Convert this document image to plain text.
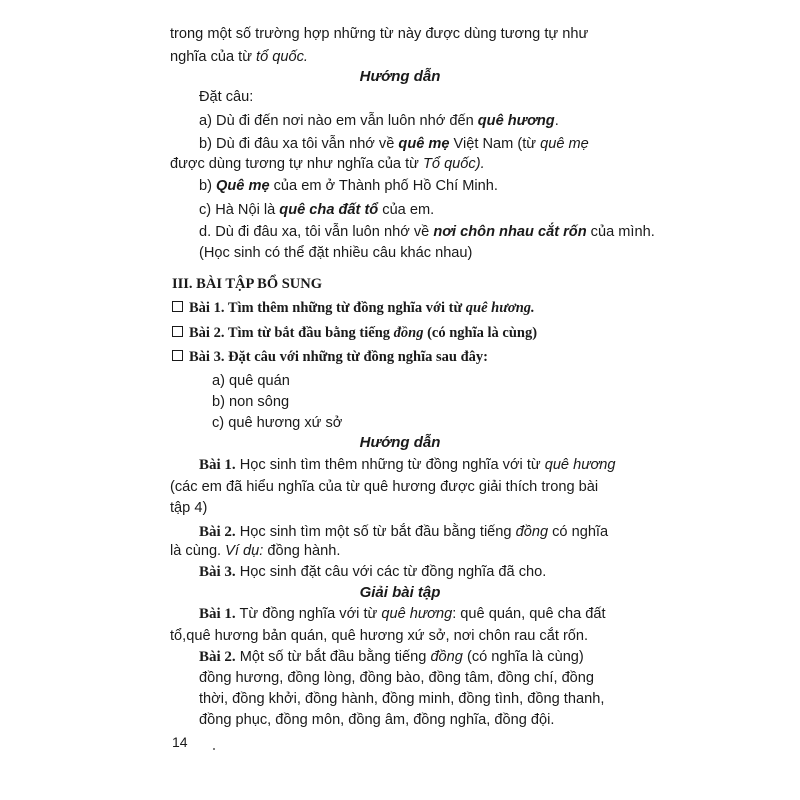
trong một số trường hợp những từ này được dùng tương tự như
nghĩa của từ tổ quốc.
Hướng dẫn
Đặt câu:
a) Dù đi đến nơi nào em vẫn luôn nhớ đến quê hương.
b) Dù đi đâu xa tôi vẫn nhớ về quê mẹ Việt Nam (từ quê mẹ
được dùng tương tự như nghĩa của từ Tổ quốc).
b) Quê mẹ của em ở Thành phố Hồ Chí Minh.
c) Hà Nội là quê cha đất tổ của em.
d. Dù đi đâu xa, tôi vẫn luôn nhớ về nơi chôn nhau cắt rốn của mình.
(Học sinh có thể đặt nhiều câu khác nhau)
III. BÀI TẬP BỔ SUNG
Bài 1. Tìm thêm những từ đồng nghĩa với từ quê hương.
Bài 2. Tìm từ bắt đầu bằng tiếng đồng (có nghĩa là cùng)
Bài 3. Đặt câu với những từ đồng nghĩa sau đây:
a) quê quán
b) non sông
c) quê hương xứ sở
Hướng dẫn
Bài 1. Học sinh tìm thêm những từ đồng nghĩa với từ quê hương
(các em đã hiểu nghĩa của từ quê hương được giải thích trong bài
tập 4)
Bài 2. Học sinh tìm một số từ bắt đầu bằng tiếng đồng có nghĩa
là cùng. Ví dụ: đồng hành.
Bài 3. Học sinh đặt câu với các từ đồng nghĩa đã cho.
Giải bài tập
Bài 1. Từ đồng nghĩa với từ quê hương: quê quán, quê cha đất
tổ,quê hương bản quán, quê hương xứ sở, nơi chôn rau cắt rốn.
Bài 2. Một số từ bắt đầu bằng tiếng đồng (có nghĩa là cùng)
đồng hương, đồng lòng, đồng bào, đồng tâm, đồng chí, đồng
thời, đồng khởi, đồng hành, đồng minh, đồng tình, đồng thanh,
đồng phục, đồng môn, đồng âm, đồng nghĩa, đồng đội.
14
